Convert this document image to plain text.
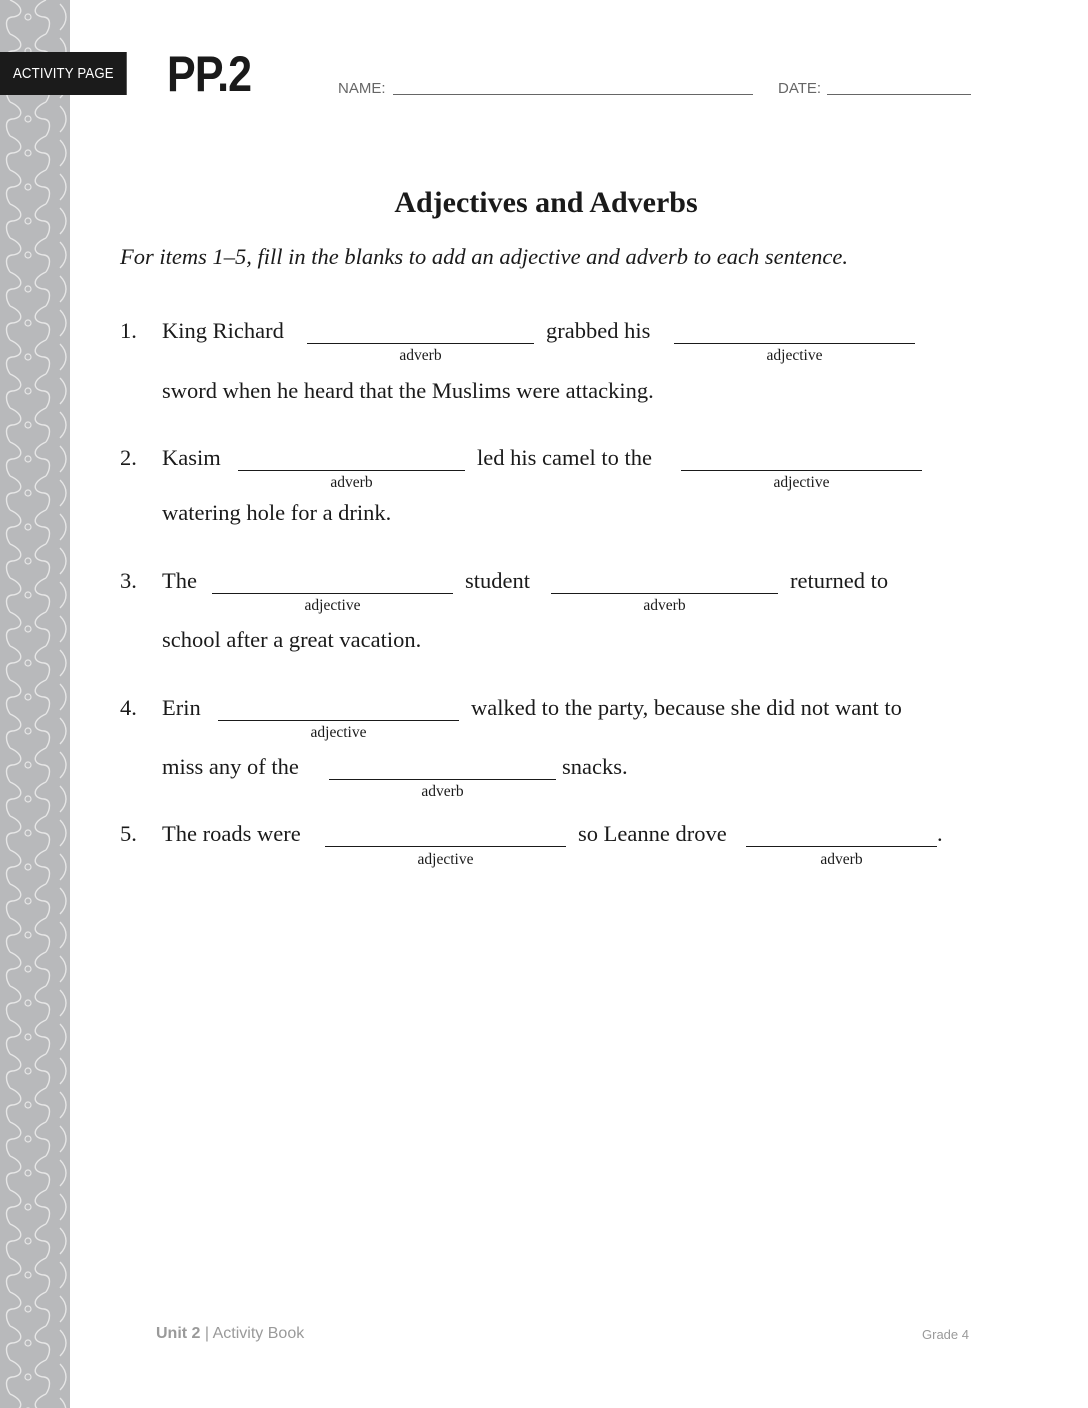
ACTIVITY PAGE PP.2	NAME:	DATE:
Adjectives and Adverbs
For items 1–5, fill in the blanks to add an adjective and adverb to each sentence.
1. King Richard
adverb
grabbed his
adjective
sword when he heard that the Muslims were attacking.
2. Kasim
adverb
led his camel to the
adjective
watering hole for a drink.
3. The
adjective
student
adverb
returned to
school after a great vacation.
4. Erin
adjective
walked to the party, because she did not want to
miss any of the
adverb
snacks.
5. The roads were
adjective
so Leanne drove
adverb
.
Unit 2 | Activity Book	Grade 4
